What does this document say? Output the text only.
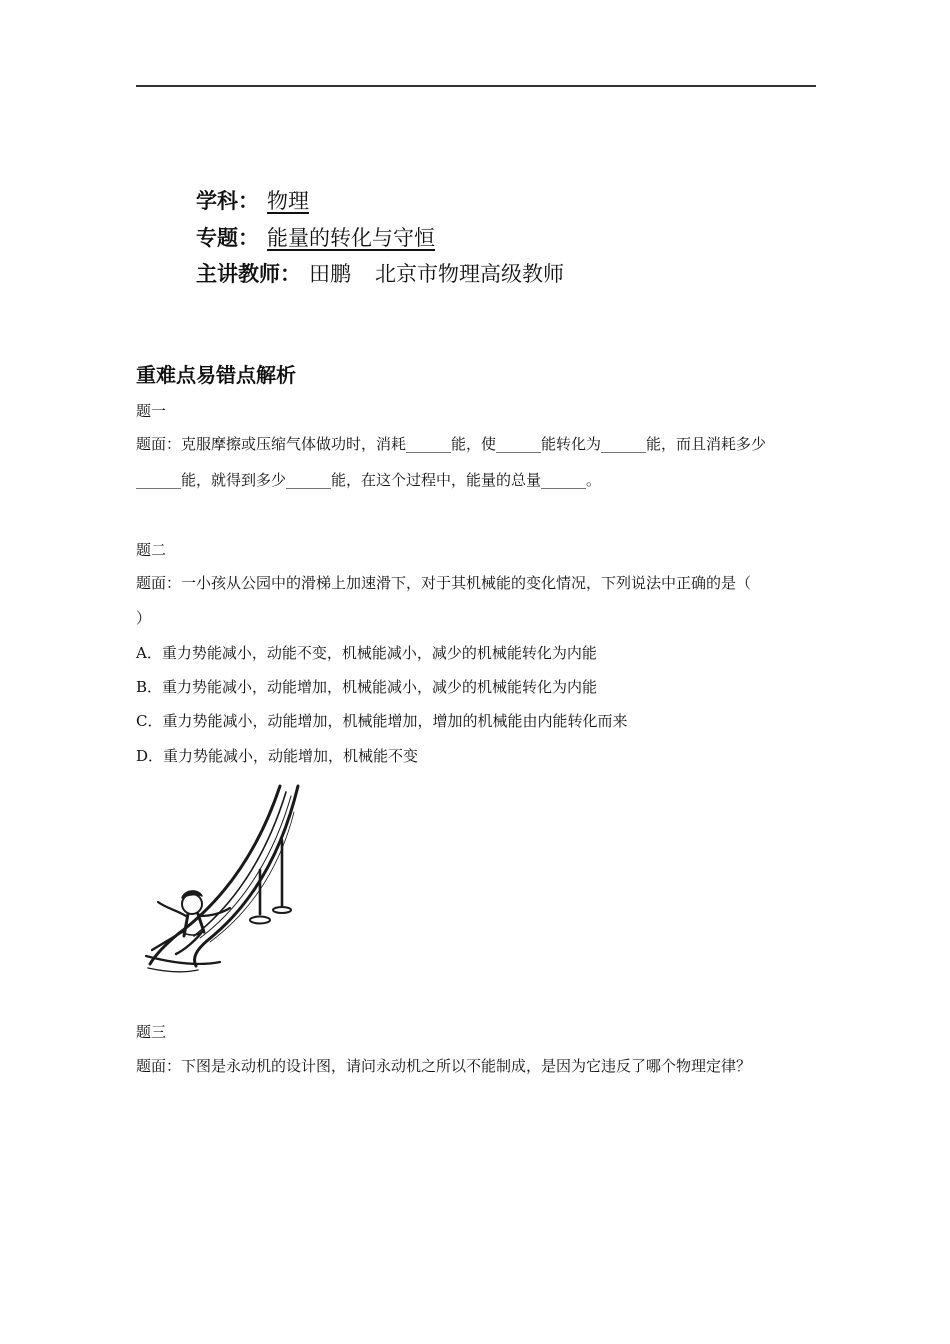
学科： 物理
专题： 能量的转化与守恒
主讲教师： 田鹏 北京市物理高级教师
重难点易错点解析
题一
题面：克服摩擦或压缩气体做功时，消耗______能，使______能转化为______能，而且消耗多少
______能，就得到多少______能，在这个过程中，能量的总量______。
题二
题面：一小孩从公园中的滑梯上加速滑下，对于其机械能的变化情况，下列说法中正确的是（
）
A．重力势能减小，动能不变，机械能减小，减少的机械能转化为内能
B．重力势能减小，动能增加，机械能减小，减少的机械能转化为内能
C．重力势能减小，动能增加，机械能增加，增加的机械能由内能转化而来
D．重力势能减小，动能增加，机械能不变
题三
题面：下图是永动机的设计图，请问永动机之所以不能制成，是因为它违反了哪个物理定律？
